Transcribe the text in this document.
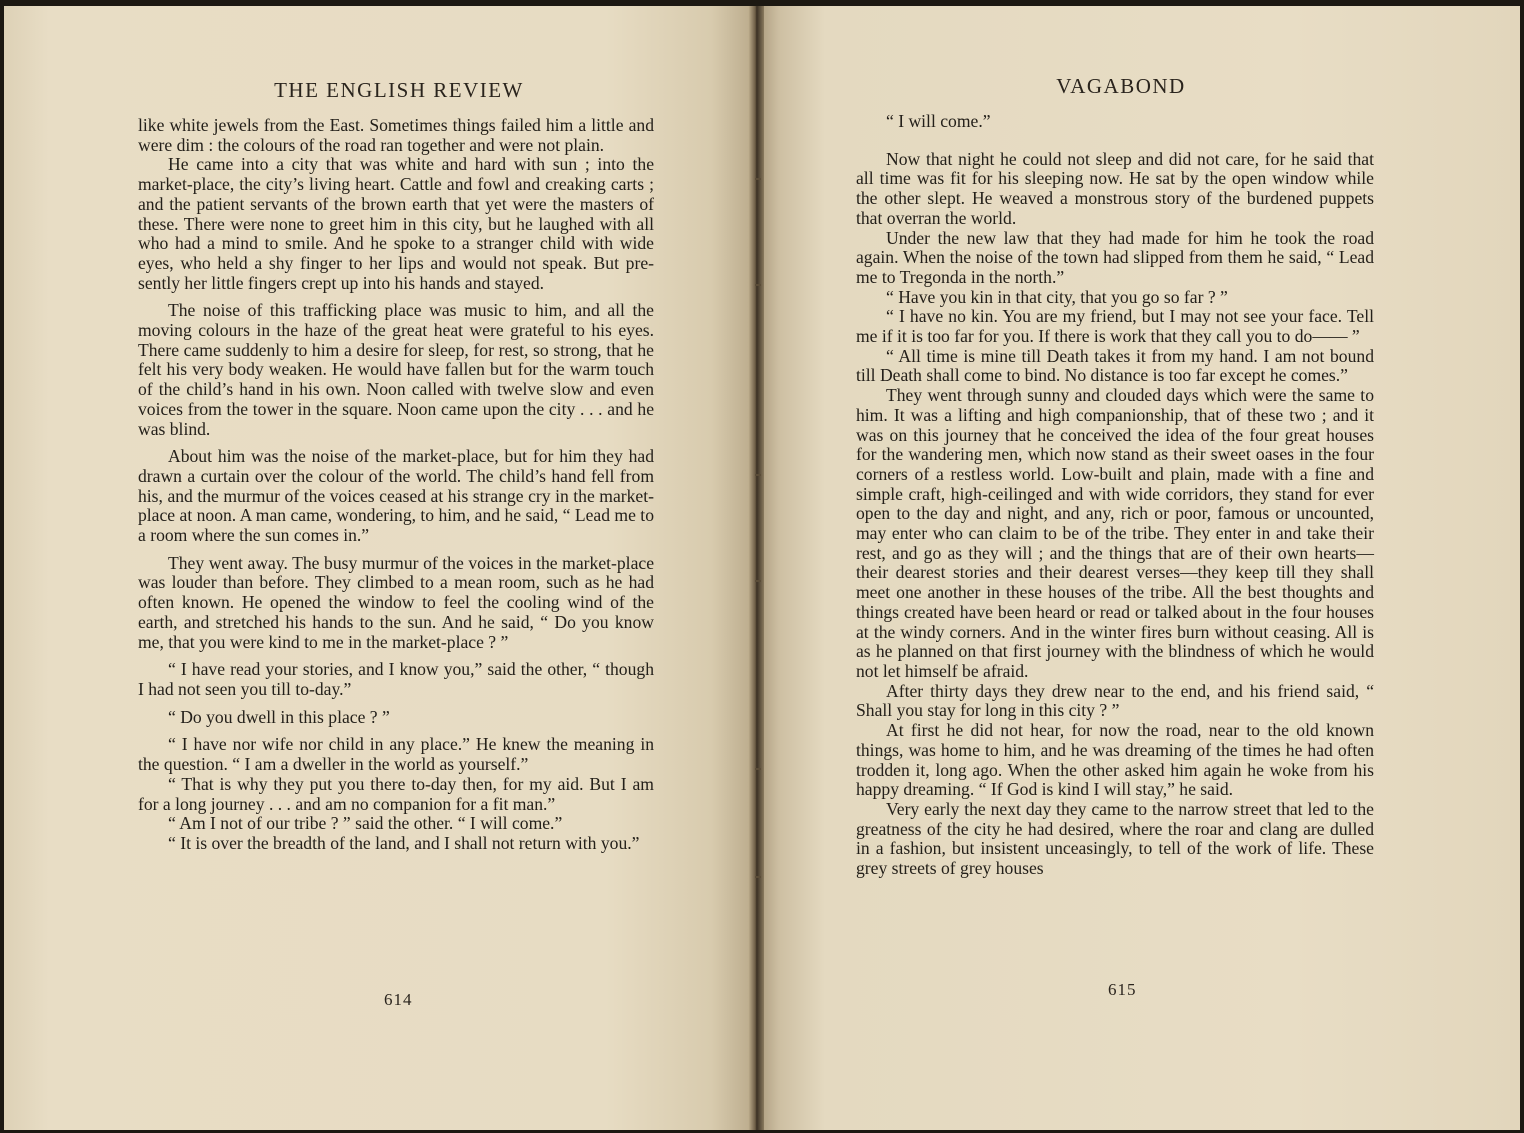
THE ENGLISH REVIEW

like white jewels from the East. Sometimes things failed him a little and were dim : the colours of the road ran together and were not plain.

He came into a city that was white and hard with sun ; into the market-place, the city’s living heart. Cattle and fowl and creaking carts ; and the patient servants of the brown earth that yet were the masters of these. There were none to greet him in this city, but he laughed with all who had a mind to smile. And he spoke to a stranger child with wide eyes, who held a shy finger to her lips and would not speak. But pre-sently her little fingers crept up into his hands and stayed.

The noise of this trafficking place was music to him, and all the moving colours in the haze of the great heat were grateful to his eyes. There came suddenly to him a desire for sleep, for rest, so strong, that he felt his very body weaken. He would have fallen but for the warm touch of the child’s hand in his own. Noon called with twelve slow and even voices from the tower in the square. Noon came upon the city . . . and he was blind.

About him was the noise of the market-place, but for him they had drawn a curtain over the colour of the world. The child’s hand fell from his, and the murmur of the voices ceased at his strange cry in the market-place at noon. A man came, wondering, to him, and he said, “ Lead me to a room where the sun comes in.”

They went away. The busy murmur of the voices in the market-place was louder than before. They climbed to a mean room, such as he had often known. He opened the window to feel the cooling wind of the earth, and stretched his hands to the sun. And he said, “ Do you know me, that you were kind to me in the market-place ? ”

“ I have read your stories, and I know you,” said the other, “ though I had not seen you till to-day.”

“ Do you dwell in this place ? ”

“ I have nor wife nor child in any place.” He knew the meaning in the question. “ I am a dweller in the world as yourself.”

“ That is why they put you there to-day then, for my aid. But I am for a long journey . . . and am no companion for a fit man.”

“ Am I not of our tribe ? ” said the other. “ I will come.”

“ It is over the breadth of the land, and I shall not return with you.”

614
VAGABOND

“ I will come.”

Now that night he could not sleep and did not care, for he said that all time was fit for his sleeping now. He sat by the open window while the other slept. He weaved a monstrous story of the burdened puppets that overran the world.

Under the new law that they had made for him he took the road again. When the noise of the town had slipped from them he said, “ Lead me to Tregonda in the north.”

“ Have you kin in that city, that you go so far ? ”

“ I have no kin. You are my friend, but I may not see your face. Tell me if it is too far for you. If there is work that they call you to do—— ”

“ All time is mine till Death takes it from my hand. I am not bound till Death shall come to bind. No distance is too far except he comes.”

They went through sunny and clouded days which were the same to him. It was a lifting and high companionship, that of these two ; and it was on this journey that he conceived the idea of the four great houses for the wandering men, which now stand as their sweet oases in the four corners of a restless world. Low-built and plain, made with a fine and simple craft, high-ceilinged and with wide corridors, they stand for ever open to the day and night, and any, rich or poor, famous or uncounted, may enter who can claim to be of the tribe. They enter in and take their rest, and go as they will ; and the things that are of their own hearts—their dearest stories and their dearest verses—they keep till they shall meet one another in these houses of the tribe. All the best thoughts and things created have been heard or read or talked about in the four houses at the windy corners. And in the winter fires burn without ceasing. All is as he planned on that first journey with the blindness of which he would not let himself be afraid.

After thirty days they drew near to the end, and his friend said, “ Shall you stay for long in this city ? ”

At first he did not hear, for now the road, near to the old known things, was home to him, and he was dreaming of the times he had often trodden it, long ago. When the other asked him again he woke from his happy dreaming. “ If God is kind I will stay,” he said.

Very early the next day they came to the narrow street that led to the greatness of the city he had desired, where the roar and clang are dulled in a fashion, but insistent unceasingly, to tell of the work of life. These grey streets of grey houses

615
